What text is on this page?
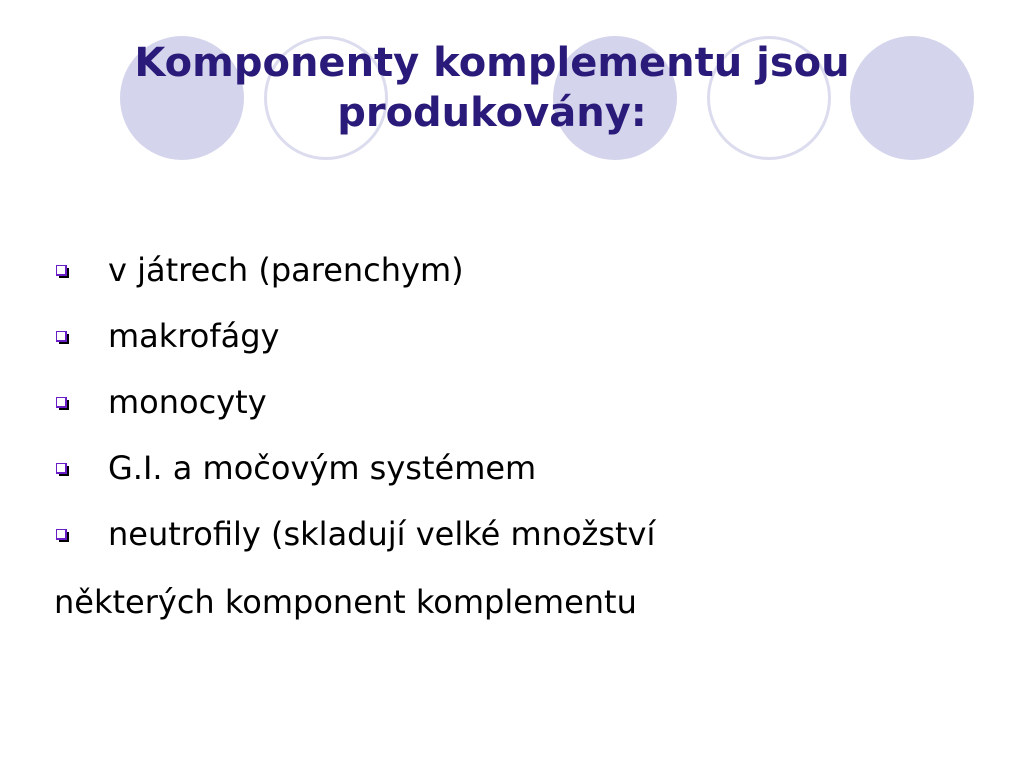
Komponenty komplementu jsou produkovány:
v játrech (parenchym)
makrofágy
monocyty
G.I. a močovým systémem
neutrofily (skladují velké množství

některých komponent komplementu
